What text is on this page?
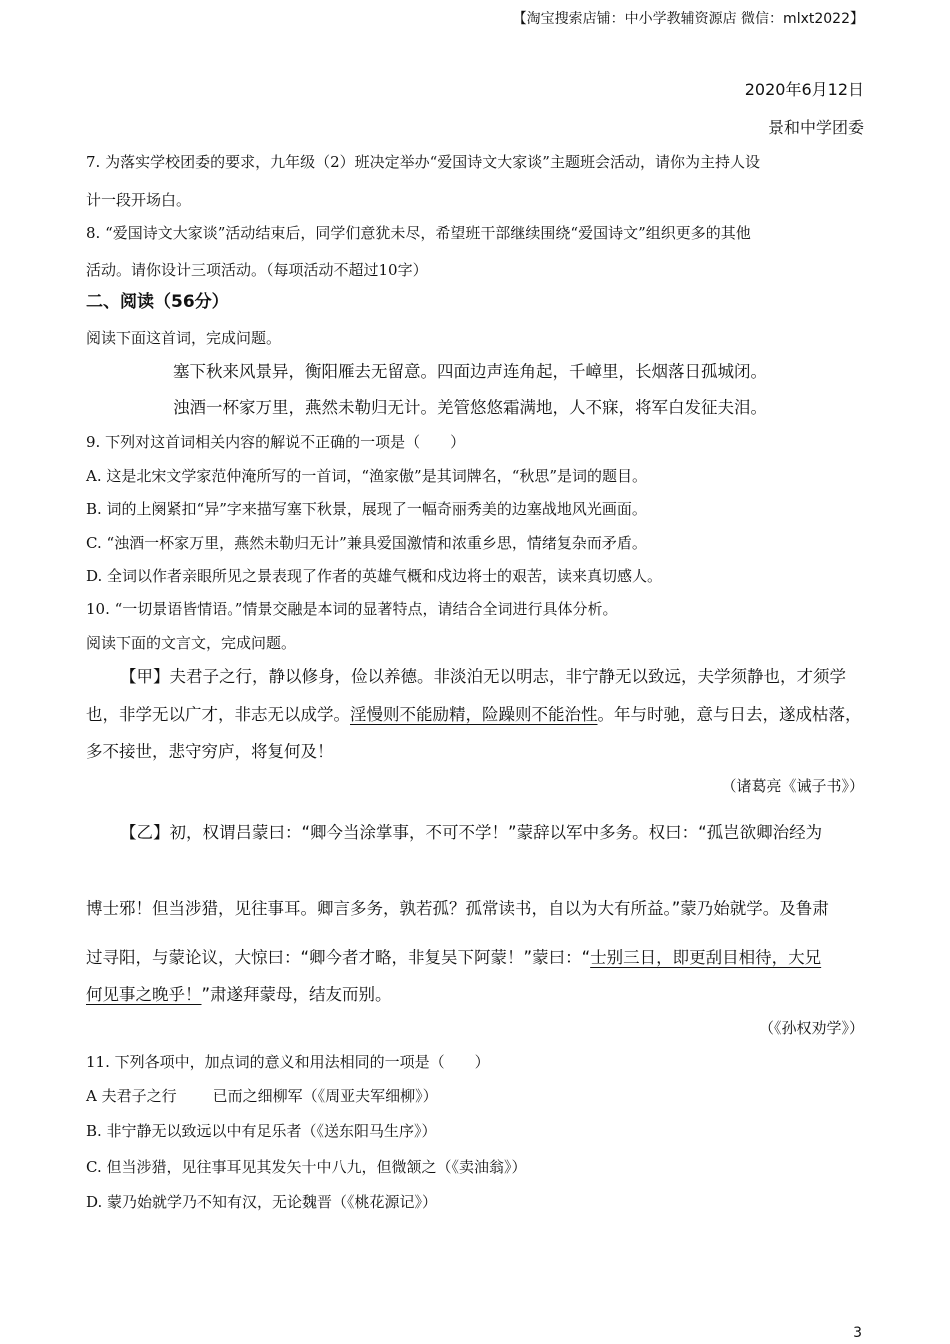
【淘宝搜索店铺：中小学教辅资源店 微信：mlxt2022】
2020年6月12日
景和中学团委
7. 为落实学校团委的要求，九年级（2）班决定举办“爱国诗文大家谈”主题班会活动，请你为主持人设
计一段开场白。
8. “爱国诗文大家谈”活动结束后，同学们意犹未尽，希望班干部继续围绕“爱国诗文”组织更多的其他
活动。请你设计三项活动。（每项活动不超过10字）
二、阅读（56分）
阅读下面这首词，完成问题。
塞下秋来风景异，衡阳雁去无留意。四面边声连角起，千嶂里，长烟落日孤城闭。
浊酒一杯家万里，燕然未勒归无计。羌管悠悠霜满地，人不寐，将军白发征夫泪。
9. 下列对这首词相关内容的解说不正确的一项是（　　）
A. 这是北宋文学家范仲淹所写的一首词，“渔家傲”是其词牌名，“秋思”是词的题目。
B. 词的上阕紧扣“异”字来描写塞下秋景，展现了一幅奇丽秀美的边塞战地风光画面。
C. “浊酒一杯家万里，燕然未勒归无计”兼具爱国激情和浓重乡思，情绪复杂而矛盾。
D. 全词以作者亲眼所见之景表现了作者的英雄气概和戍边将士的艰苦，读来真切感人。
10. “一切景语皆情语。”情景交融是本词的显著特点，请结合全词进行具体分析。
阅读下面的文言文，完成问题。
【甲】夫君子之行，静以修身，俭以养德。非淡泊无以明志，非宁静无以致远，夫学须静也，才须学
也，非学无以广才，非志无以成学。淫慢则不能励精，险躁则不能治性。年与时驰，意与日去，遂成枯落，
多不接世，悲守穷庐，将复何及！
（诸葛亮《诫子书》）
【乙】初，权谓吕蒙曰：“卿今当涂掌事，不可不学！”蒙辞以军中多务。权曰：“孤岂欲卿治经为
博士邪！但当涉猎，见往事耳。卿言多务，孰若孤？孤常读书，自以为大有所益。”蒙乃始就学。及鲁肃
过寻阳，与蒙论议，大惊曰：“卿今者才略，非复吴下阿蒙！”蒙曰：“士别三日，即更刮目相待，大兄
何见事之晚乎！”肃遂拜蒙母，结友而别。
（《孙权劝学》）
11. 下列各项中，加点词的意义和用法相同的一项是（　　）
A 夫君子之行 已而之细柳军（《周亚夫军细柳》）
B. 非宁静无以致远以中有足乐者（《送东阳马生序》）
C. 但当涉猎，见往事耳见其发矢十中八九，但微颔之（《卖油翁》）
D. 蒙乃始就学乃不知有汉，无论魏晋（《桃花源记》）
3
